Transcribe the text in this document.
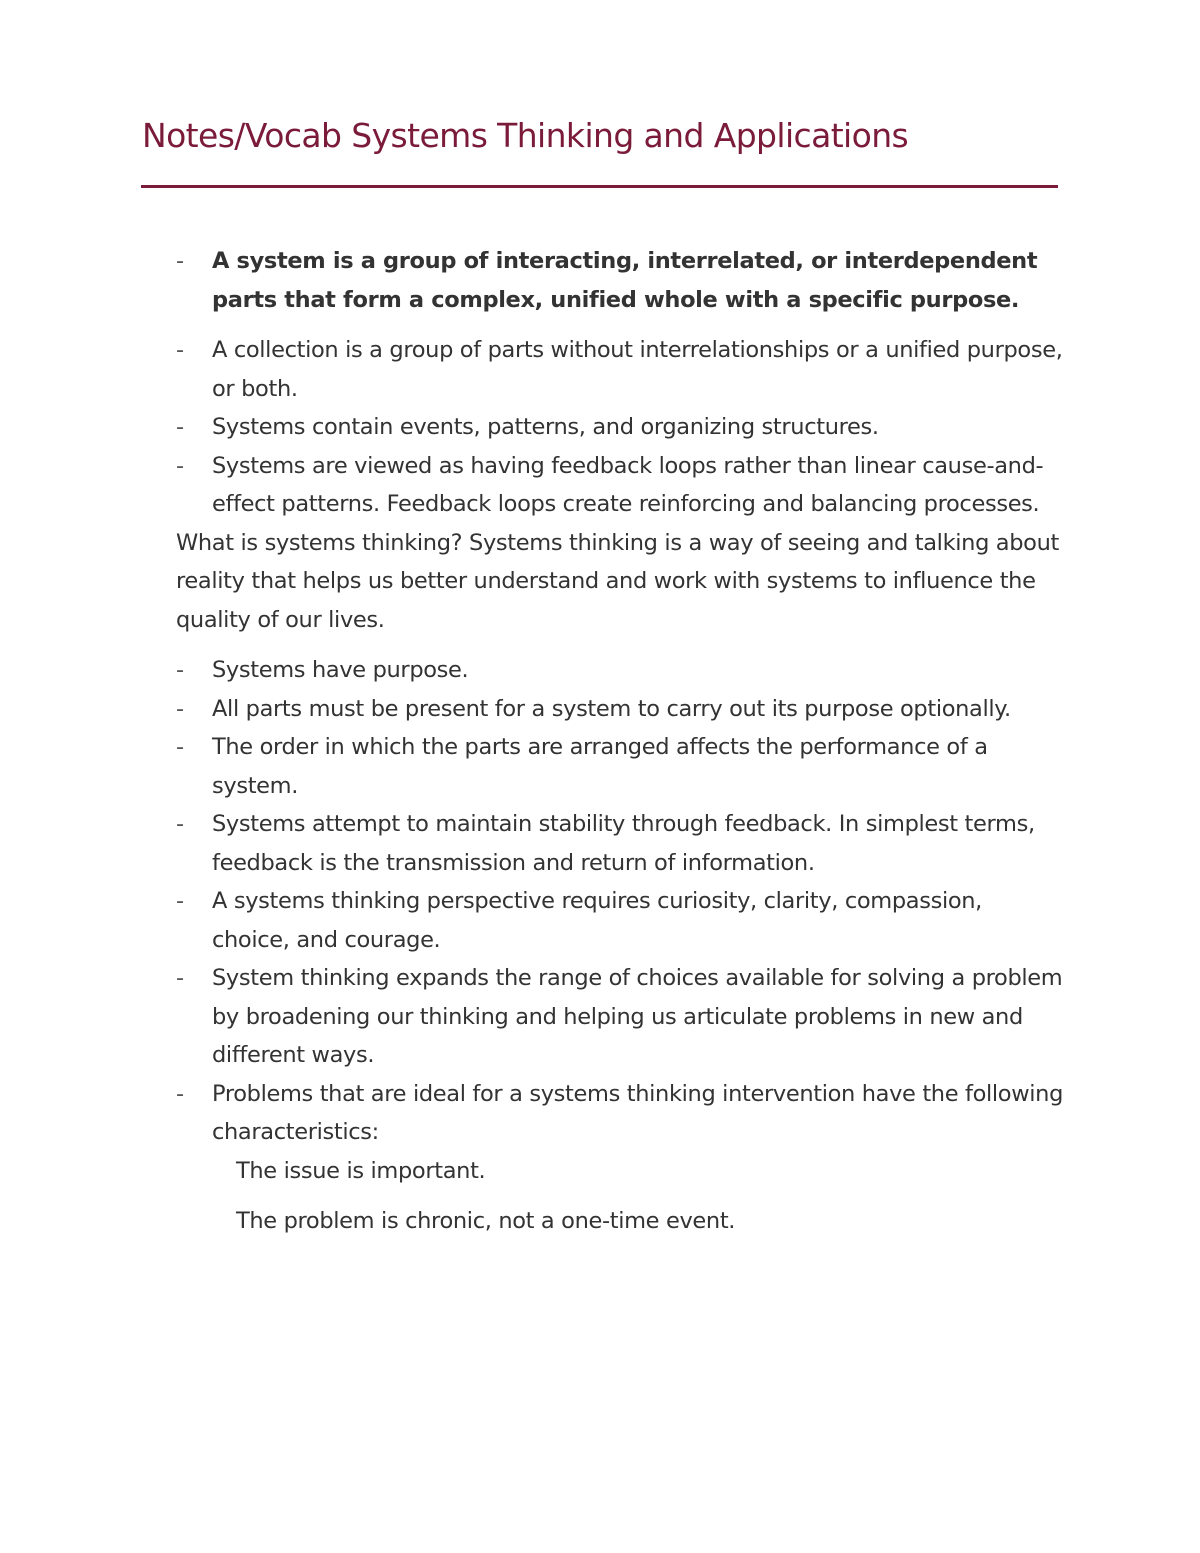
Notes/Vocab Systems Thinking and Applications
- A system is a group of interacting, interrelated, or interdependent parts that form a complex, unified whole with a specific purpose.
- A collection is a group of parts without interrelationships or a unified purpose, or both.
- Systems contain events, patterns, and organizing structures.
- Systems are viewed as having feedback loops rather than linear cause-and-effect patterns. Feedback loops create reinforcing and balancing processes.

What is systems thinking? Systems thinking is a way of seeing and talking about reality that helps us better understand and work with systems to influence the quality of our lives.

- Systems have purpose.
- All parts must be present for a system to carry out its purpose optionally.
- The order in which the parts are arranged affects the performance of a system.
- Systems attempt to maintain stability through feedback. In simplest terms, feedback is the transmission and return of information.
- A systems thinking perspective requires curiosity, clarity, compassion, choice, and courage.
- System thinking expands the range of choices available for solving a problem by broadening our thinking and helping us articulate problems in new and different ways.
- Problems that are ideal for a systems thinking intervention have the following characteristics:

The issue is important.

The problem is chronic, not a one-time event.
